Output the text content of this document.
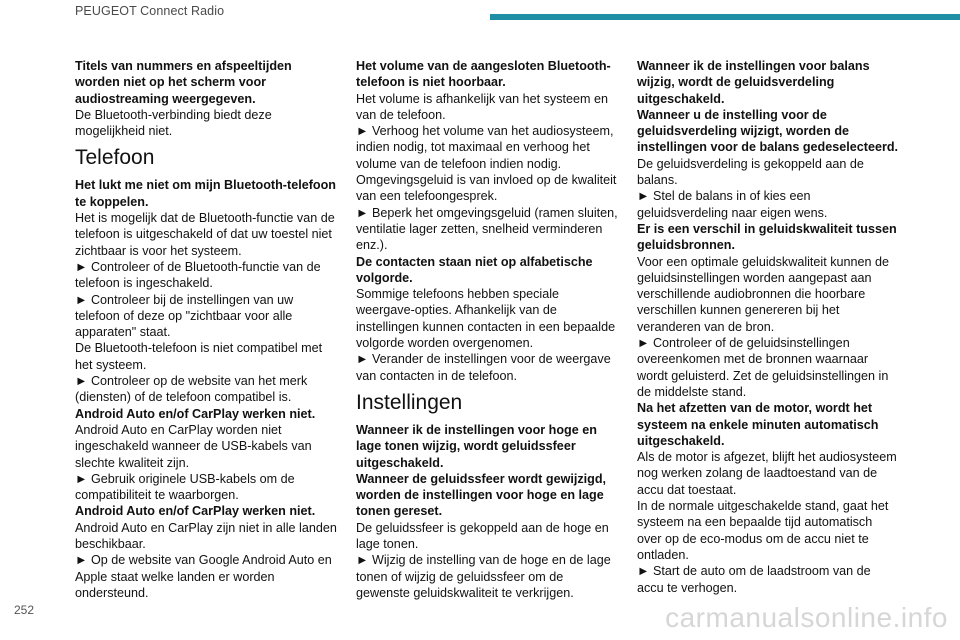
PEUGEOT Connect Radio

Titels van nummers en afspeeltijden worden niet op het scherm voor audiostreaming weergegeven.

De Bluetooth-verbinding biedt deze mogelijkheid niet.

Telefoon

Het lukt me niet om mijn Bluetooth-telefoon te koppelen.

Het is mogelijk dat de Bluetooth-functie van de telefoon is uitgeschakeld of dat uw toestel niet zichtbaar is voor het systeem.

► Controleer of de Bluetooth-functie van de telefoon is ingeschakeld.

► Controleer bij de instellingen van uw telefoon of deze op "zichtbaar voor alle apparaten" staat.

De Bluetooth-telefoon is niet compatibel met het systeem.

► Controleer op de website van het merk (diensten) of de telefoon compatibel is.

Android Auto en/of CarPlay werken niet.

Android Auto en CarPlay worden niet ingeschakeld wanneer de USB-kabels van slechte kwaliteit zijn.

► Gebruik originele USB-kabels om de compatibiliteit te waarborgen.

Android Auto en/of CarPlay werken niet.

Android Auto en CarPlay zijn niet in alle landen beschikbaar.

► Op de website van Google Android Auto en Apple staat welke landen er worden ondersteund.

Het volume van de aangesloten Bluetooth-telefoon is niet hoorbaar.

Het volume is afhankelijk van het systeem en van de telefoon.

► Verhoog het volume van het audiosysteem, indien nodig, tot maximaal en verhoog het volume van de telefoon indien nodig.

Omgevingsgeluid is van invloed op de kwaliteit van een telefoongesprek.

► Beperk het omgevingsgeluid (ramen sluiten, ventilatie lager zetten, snelheid verminderen enz.).

De contacten staan niet op alfabetische volgorde.

Sommige telefoons hebben speciale weergave-opties. Afhankelijk van de instellingen kunnen contacten in een bepaalde volgorde worden overgenomen.

► Verander de instellingen voor de weergave van contacten in de telefoon.

Instellingen

Wanneer ik de instellingen voor hoge en lage tonen wijzig, wordt geluidssfeer uitgeschakeld.

Wanneer de geluidssfeer wordt gewijzigd, worden de instellingen voor hoge en lage tonen gereset.

De geluidssfeer is gekoppeld aan de hoge en lage tonen.

► Wijzig de instelling van de hoge en de lage tonen of wijzig de geluidssfeer om de gewenste geluidskwaliteit te verkrijgen.

Wanneer ik de instellingen voor balans wijzig, wordt de geluidsverdeling uitgeschakeld.

Wanneer u de instelling voor de geluidsverdeling wijzigt, worden de instellingen voor de balans gedeselecteerd.

De geluidsverdeling is gekoppeld aan de balans.

► Stel de balans in of kies een geluidsverdeling naar eigen wens.

Er is een verschil in geluidskwaliteit tussen geluidsbronnen.

Voor een optimale geluidskwaliteit kunnen de geluidsinstellingen worden aangepast aan verschillende audiobronnen die hoorbare verschillen kunnen genereren bij het veranderen van de bron.

► Controleer of de geluidsinstellingen overeenkomen met de bronnen waarnaar wordt geluisterd. Zet de geluidsinstellingen in de middelste stand.

Na het afzetten van de motor, wordt het systeem na enkele minuten automatisch uitgeschakeld.

Als de motor is afgezet, blijft het audiosysteem nog werken zolang de laadtoestand van de accu dat toestaat.

In de normale uitgeschakelde stand, gaat het systeem na een bepaalde tijd automatisch over op de eco-modus om de accu niet te ontladen.

► Start de auto om de laadstroom van de accu te verhogen.

252	carmanualsonline.info
